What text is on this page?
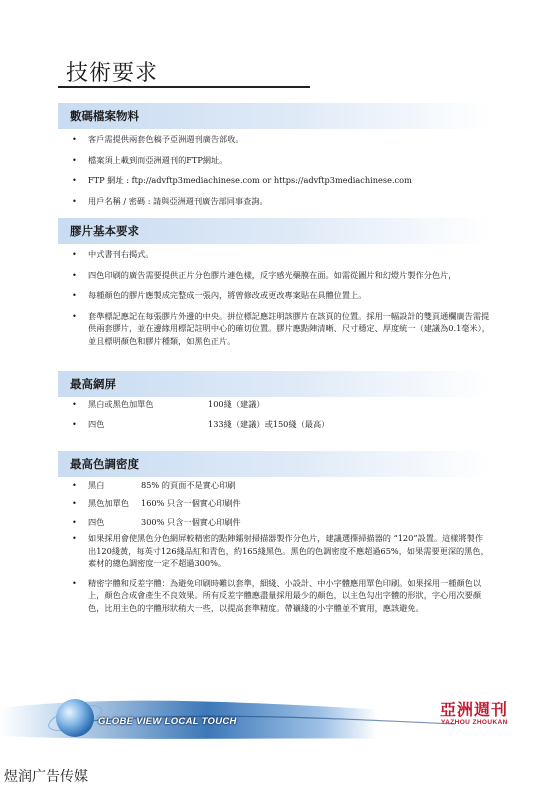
技術要求
數碼檔案物料
• 客戶需提供兩套色稿予亞洲週刊廣告部收。
• 檔案須上載到而亞洲週刊的FTP網址。
• FTP 網址 : ftp://advftp3mediachinese.com or https://advftp3mediachinese.com
• 用戶名稱 / 密碼 : 請與亞洲週刊廣告部同事查詢。
膠片基本要求
• 中式書刊右揭式。
• 四色印刷的廣告需要提供正片分色膠片連色樣，反字感光藥膜在面。如需從圖片和幻燈片製作分色片，
• 每種顏色的膠片應製成完整成一張內，將曾修改或更改專案貼在具體位置上。
• 套準標記應記在每張膠片外邊的中央。拼位標記應註明該膠片在該頁的位置。採用一幅設計的雙頁通欄廣告需提供兩套膠片，並在邊緣用標記註明中心的確切位置。膠片應點陣清晰、尺寸穩定、厚度統一（建議為0.1毫米），並且標明顏色和膠片種類，如黑色正片。
最高網屏
• 黑白或黑色加單色	100綫（建議）
• 四色	133綫（建議）或150綫（最高）
最高色調密度
• 黑白	85% 的頁面不是實心印刷
• 黑色加單色 160% 只含一個實心印刷件
• 四色	300% 只含一個實心印刷件
• 如果採用會使黑色分色網屏較精密的點陣鐳射掃描器製作分色片，建議選擇掃描器的 “120”設置。這樣將製作出120綫黃，每英寸126綫品紅和青色，約165綫黑色。黑色的色調密度不應超過65%，如果需要更深的黑色，素材的總色調密度一定不超過300%。
• 精密字體和反差字體：為避免印刷時難以套準，細綫、小設計、中小字體應用單色印刷。如果採用一種顏色以上，顏色合成會產生不良效果。所有反差字體應盡量採用最少的顏色，以主色勾出字體的形狀，字心用次要顏色，比用主色的字體形狀稍大一些，以提高套準精度。帶襯綫的小字體並不實用，應該避免。
GLOBE VIEW LOCAL TOUCH
亞洲週刊
YAZHOU ZHOUKAN
煜润广告传媒
